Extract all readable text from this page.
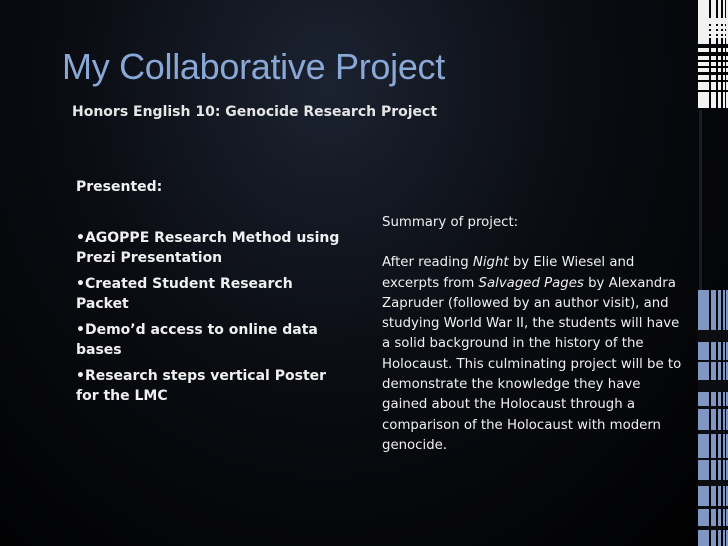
My Collaborative Project
Honors English 10: Genocide Research Project
Presented:
•AGOPPE Research Method using Prezi Presentation
•Created Student Research Packet
•Demo’d access to online data bases
•Research steps vertical Poster for the LMC
Summary of project:
After reading Night by Elie Wiesel and excerpts from Salvaged Pages by Alexandra Zapruder (followed by an author visit), and studying World War II, the students will have a solid background in the history of the Holocaust. This culminating project will be to demonstrate the knowledge they have gained about the Holocaust through a comparison of the Holocaust with modern genocide.
